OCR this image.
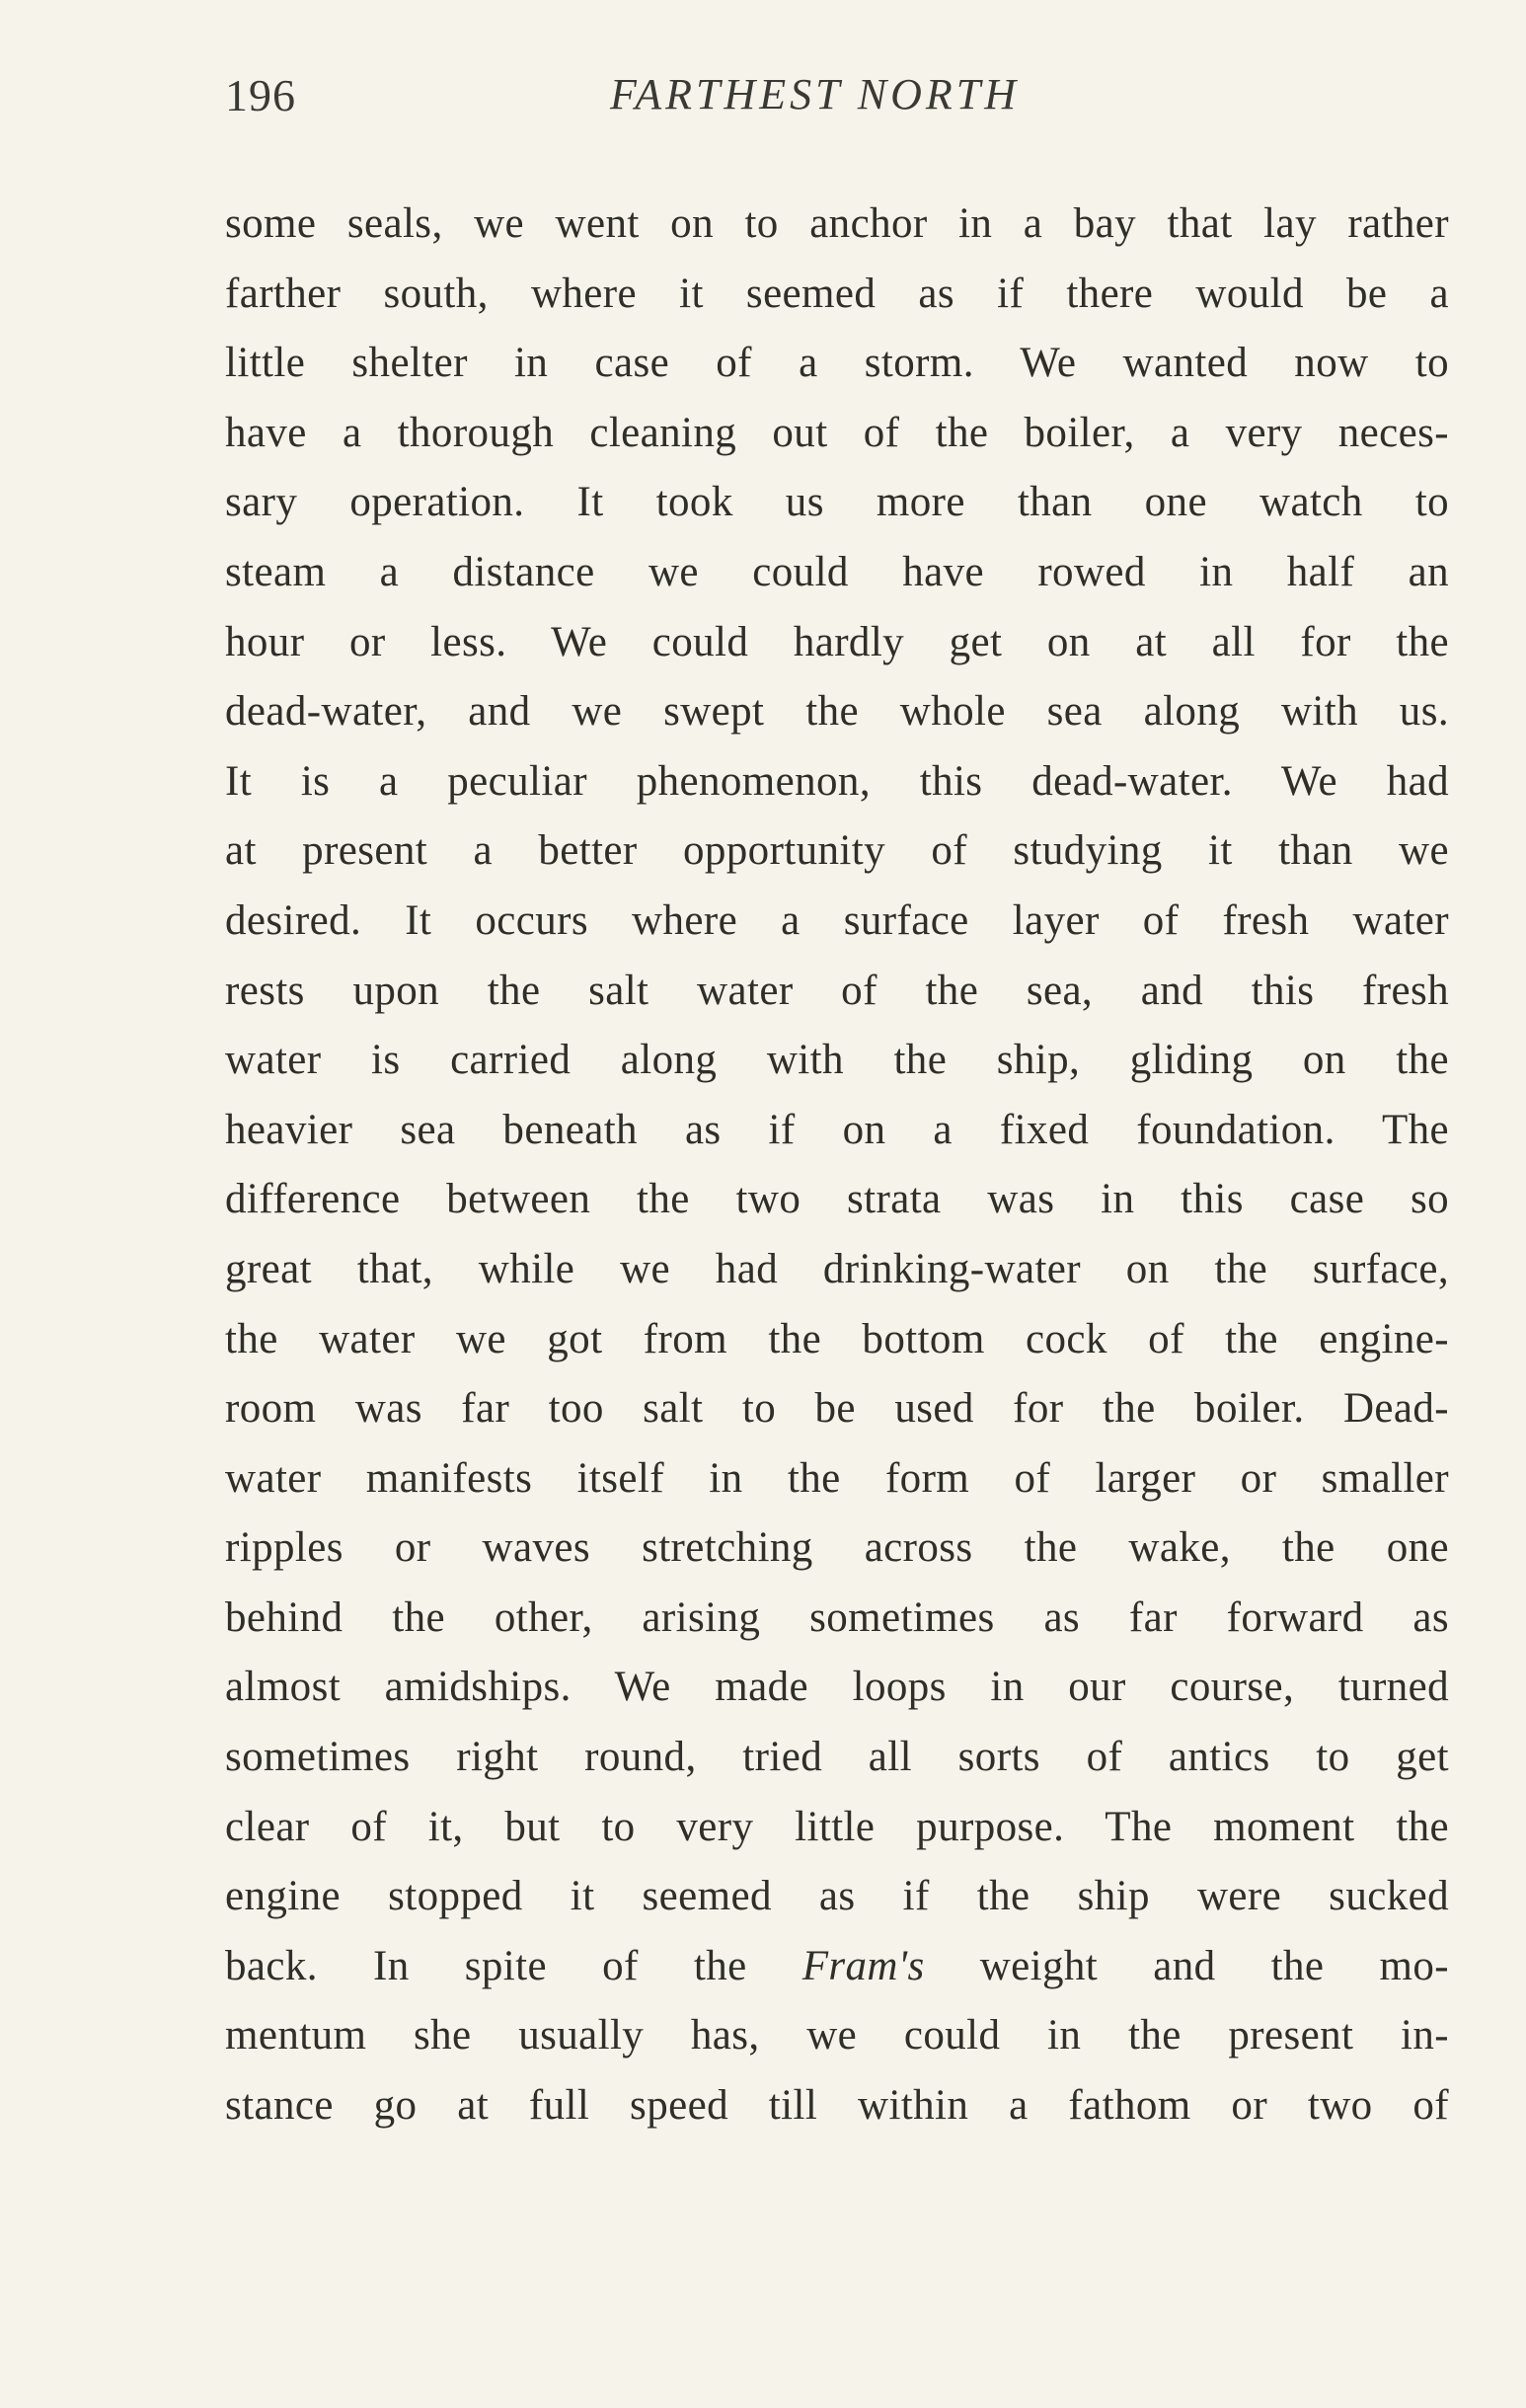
196	FARTHEST NORTH
some seals, we went on to anchor in a bay that lay rather
farther south, where it seemed as if there would be a
little shelter in case of a storm. We wanted now to
have a thorough cleaning out of the boiler, a very neces-
sary operation. It took us more than one watch to
steam a distance we could have rowed in half an
hour or less. We could hardly get on at all for the
dead-water, and we swept the whole sea along with us.
It is a peculiar phenomenon, this dead-water. We had
at present a better opportunity of studying it than we
desired. It occurs where a surface layer of fresh water
rests upon the salt water of the sea, and this fresh
water is carried along with the ship, gliding on the
heavier sea beneath as if on a fixed foundation. The
difference between the two strata was in this case so
great that, while we had drinking-water on the surface,
the water we got from the bottom cock of the engine-
room was far too salt to be used for the boiler. Dead-
water manifests itself in the form of larger or smaller
ripples or waves stretching across the wake, the one
behind the other, arising sometimes as far forward as
almost amidships. We made loops in our course, turned
sometimes right round, tried all sorts of antics to get
clear of it, but to very little purpose. The moment the
engine stopped it seemed as if the ship were sucked
back. In spite of the Fram's weight and the mo-
mentum she usually has, we could in the present in-
stance go at full speed till within a fathom or two of
